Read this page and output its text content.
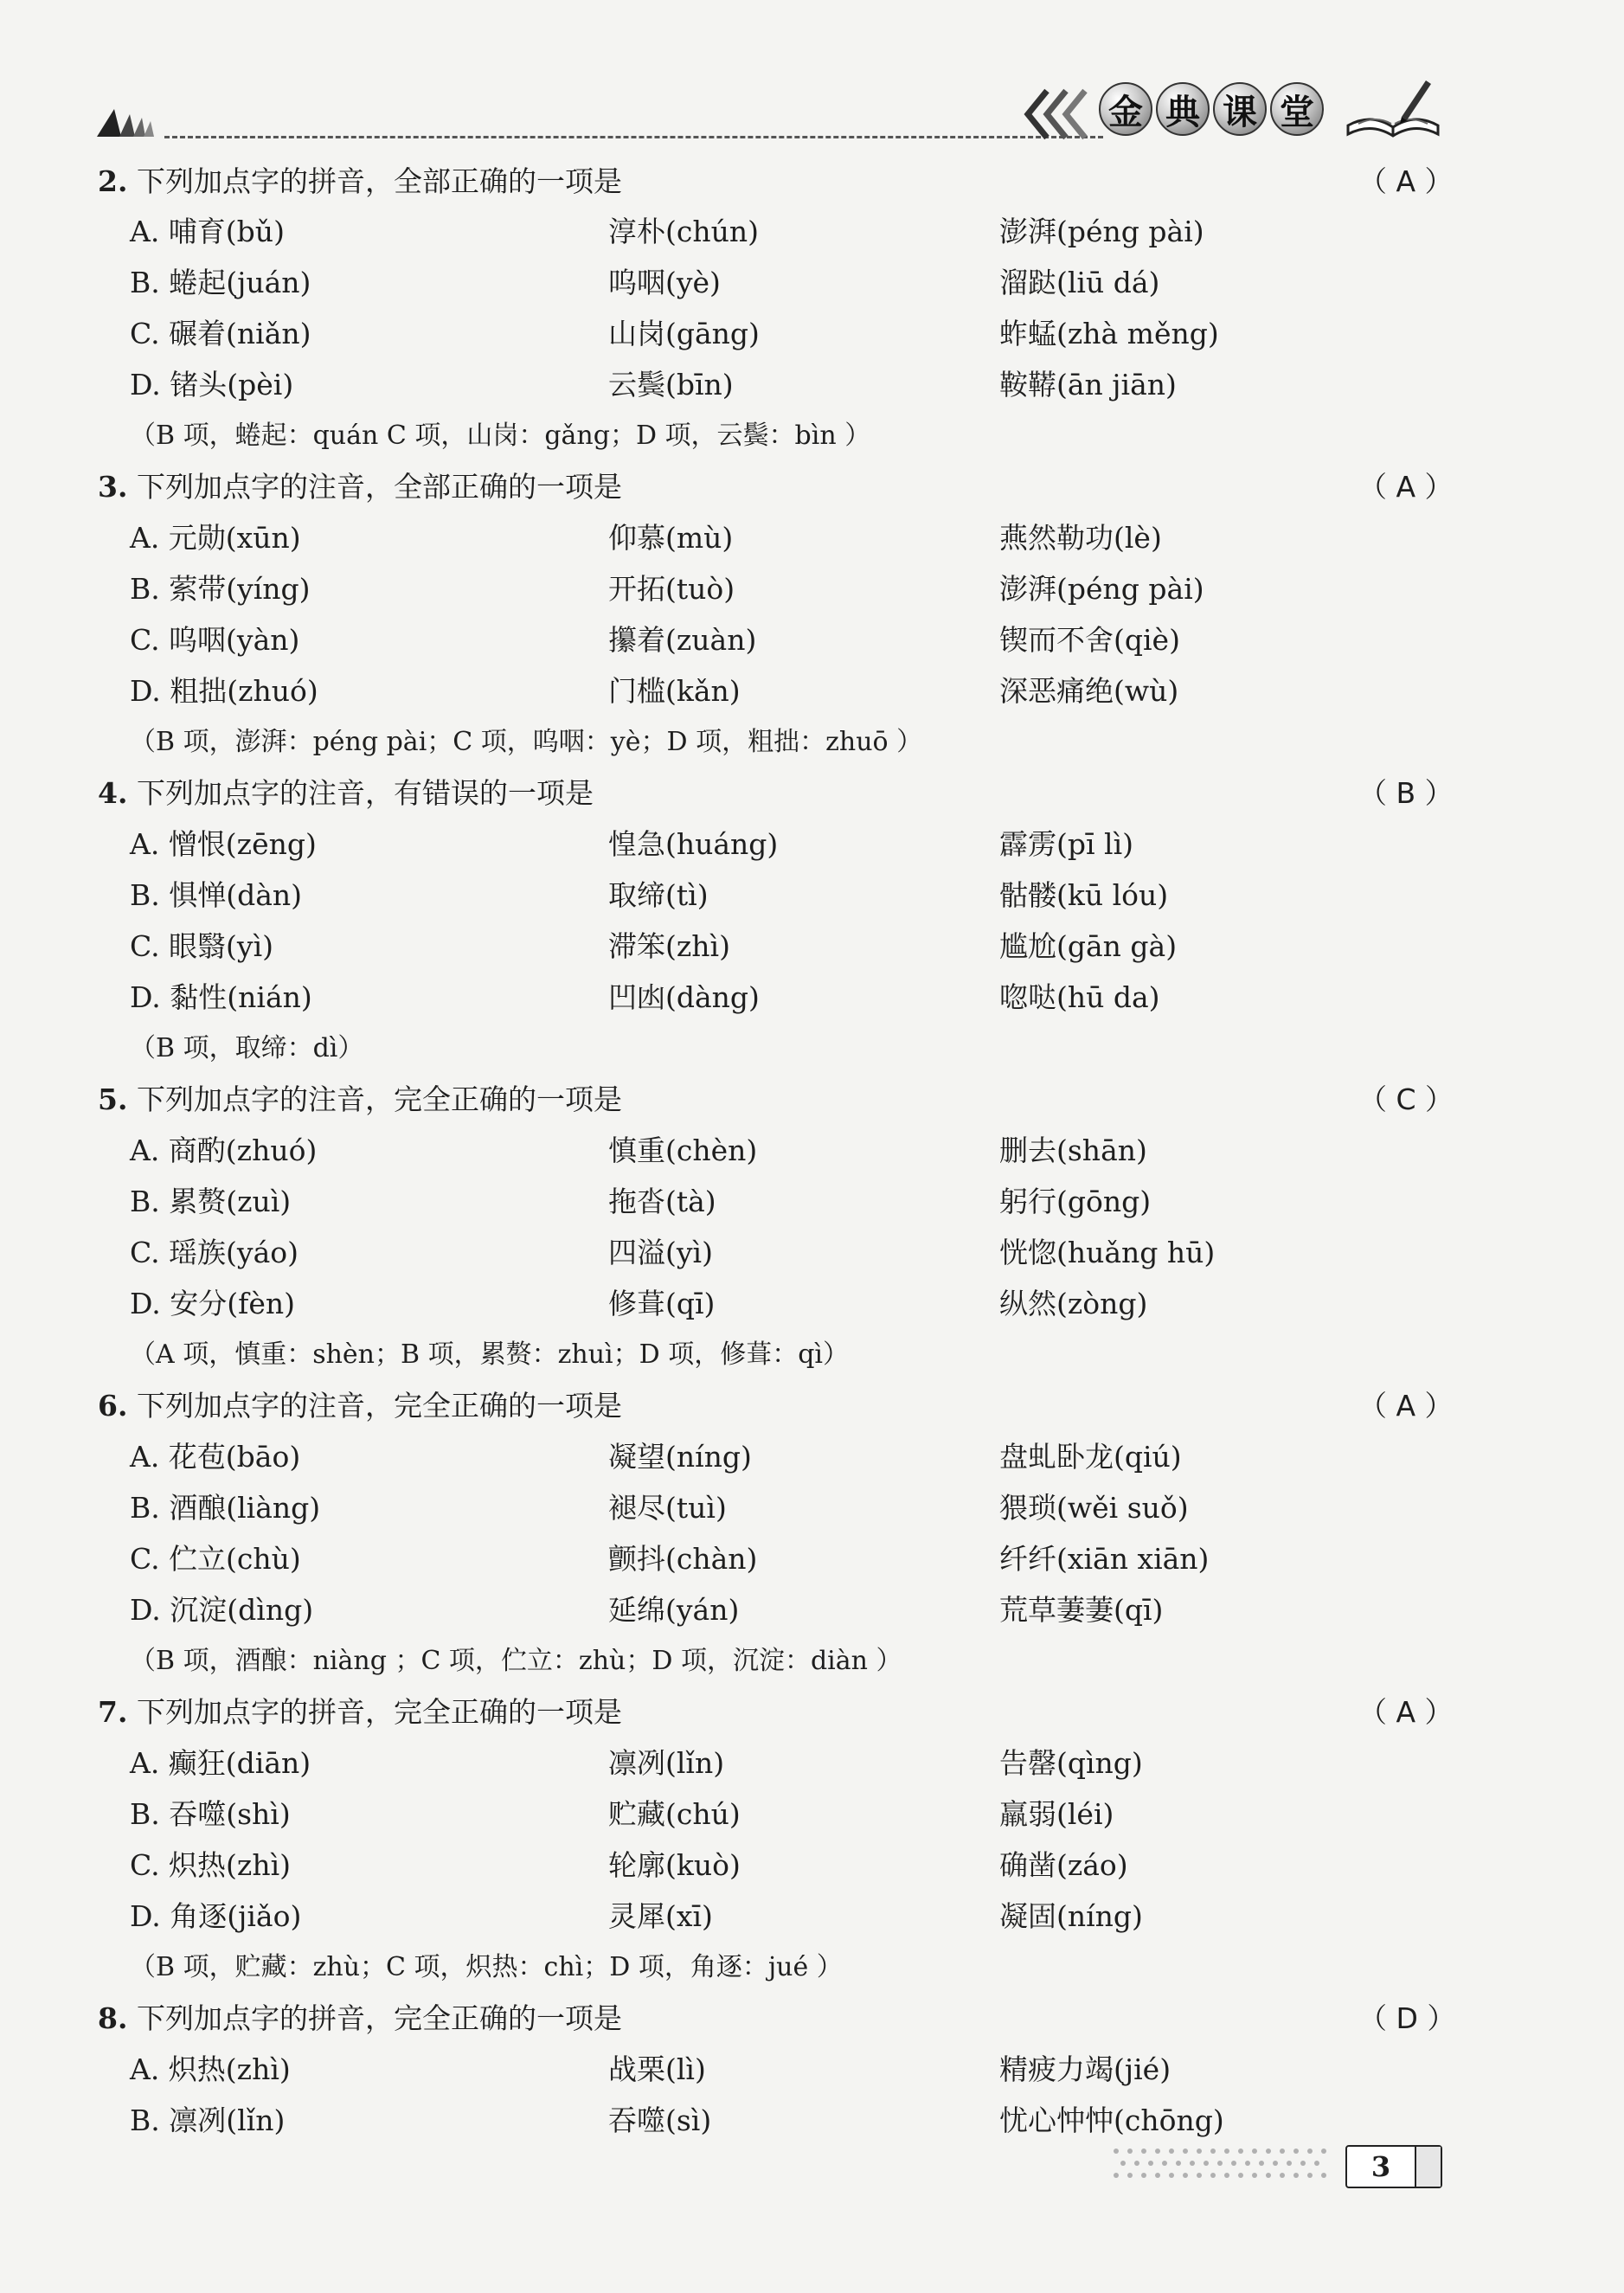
金 典 课 堂
2. 下列加点字的拼音，全部正确的一项是	（ A ）
A. 哺育(bǔ)	淳朴(chún)	澎湃(péng pài)
B. 蜷起(juán)	呜咽(yè)	溜跶(liū dá)
C. 碾着(niǎn)	山岗(gāng)	蚱蜢(zhà měng)
D. 锗头(pèi)	云鬓(bīn)	鞍鞯(ān jiān)
（B 项，蜷起：quán C 项，山岗：gǎng；D 项，云鬓：bìn ）
3. 下列加点字的注音，全部正确的一项是	（ A ）
A. 元勋(xūn)	仰慕(mù)	燕然勒功(lè)
B. 萦带(yíng)	开拓(tuò)	澎湃(péng pài)
C. 呜咽(yàn)	攥着(zuàn)	锲而不舍(qiè)
D. 粗拙(zhuó)	门槛(kǎn)	深恶痛绝(wù)
（B 项，澎湃：péng pài；C 项，呜咽：yè；D 项，粗拙：zhuō ）
4. 下列加点字的注音，有错误的一项是	（ B ）
A. 憎恨(zēng)	惶急(huáng)	霹雳(pī lì)
B. 惧惮(dàn)	取缔(tì)	骷髅(kū lóu)
C. 眼翳(yì)	滞笨(zhì)	尴尬(gān gà)
D. 黏性(nián)	凹凼(dàng)	唿哒(hū da)
（B 项，取缔：dì）
5. 下列加点字的注音，完全正确的一项是	（ C ）
A. 商酌(zhuó)	慎重(chèn)	删去(shān)
B. 累赘(zuì)	拖沓(tà)	躬行(gōng)
C. 瑶族(yáo)	四溢(yì)	恍惚(huǎng hū)
D. 安分(fèn)	修葺(qī)	纵然(zòng)
（A 项，慎重：shèn；B 项，累赘：zhuì；D 项，修葺：qì）
6. 下列加点字的注音，完全正确的一项是	（ A ）
A. 花苞(bāo)	凝望(níng)	盘虬卧龙(qiú)
B. 酒酿(liàng)	褪尽(tuì)	猥琐(wěi suǒ)
C. 伫立(chù)	颤抖(chàn)	纤纤(xiān xiān)
D. 沉淀(dìng)	延绵(yán)	荒草萋萋(qī)
（B 项，酒酿：niàng ；C 项，伫立：zhù；D 项，沉淀：diàn ）
7. 下列加点字的拼音，完全正确的一项是	（ A ）
A. 癫狂(diān)	凛冽(lǐn)	告罄(qìng)
B. 吞噬(shì)	贮藏(chú)	羸弱(léi)
C. 炽热(zhì)	轮廓(kuò)	确凿(záo)
D. 角逐(jiǎo)	灵犀(xī)	凝固(níng)
（B 项，贮藏：zhù；C 项，炽热：chì；D 项，角逐：jué ）
8. 下列加点字的拼音，完全正确的一项是	（ D ）
A. 炽热(zhì)	战栗(lì)	精疲力竭(jié)
B. 凛冽(lǐn)	吞噬(sì)	忧心忡忡(chōng)
3
